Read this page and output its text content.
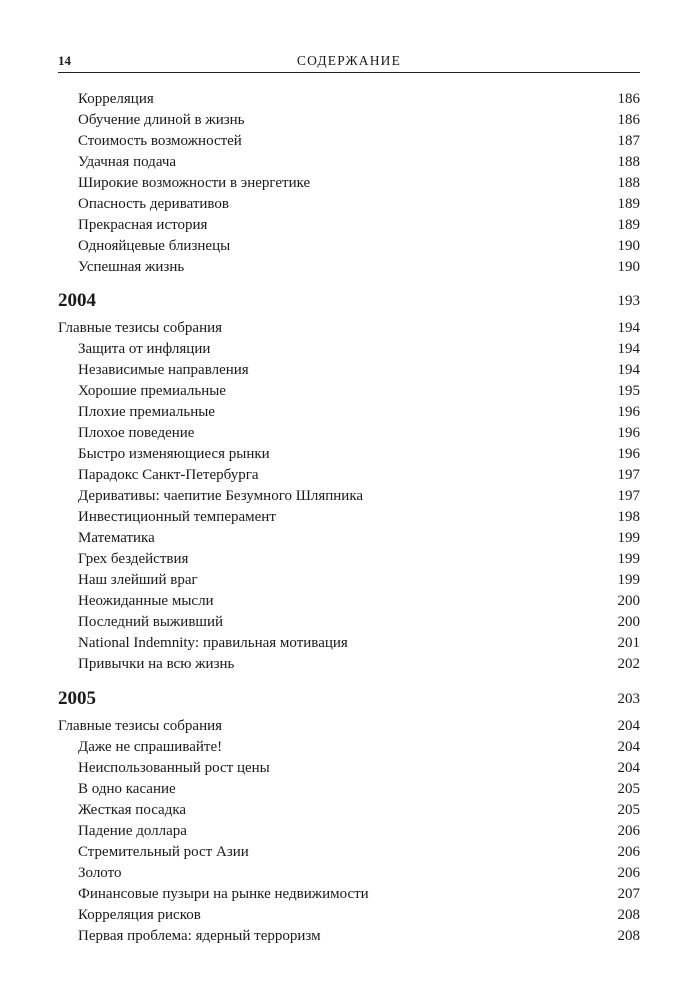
14	СОДЕРЖАНИЕ
Корреляция	186
Обучение длиной в жизнь	186
Стоимость возможностей	187
Удачная подача	188
Широкие возможности в энергетике	188
Опасность деривативов	189
Прекрасная история	189
Однояйцевые близнецы	190
Успешная жизнь	190
2004	193
Главные тезисы собрания	194
Защита от инфляции	194
Независимые направления	194
Хорошие премиальные	195
Плохие премиальные	196
Плохое поведение	196
Быстро изменяющиеся рынки	196
Парадокс Санкт-Петербурга	197
Деривативы: чаепитие Безумного Шляпника	197
Инвестиционный темперамент	198
Математика	199
Грех бездействия	199
Наш злейший враг	199
Неожиданные мысли	200
Последний выживший	200
National Indemnity: правильная мотивация	201
Привычки на всю жизнь	202
2005	203
Главные тезисы собрания	204
Даже не спрашивайте!	204
Неиспользованный рост цены	204
В одно касание	205
Жесткая посадка	205
Падение доллара	206
Стремительный рост Азии	206
Золото	206
Финансовые пузыри на рынке недвижимости	207
Корреляция рисков	208
Первая проблема: ядерный терроризм	208
